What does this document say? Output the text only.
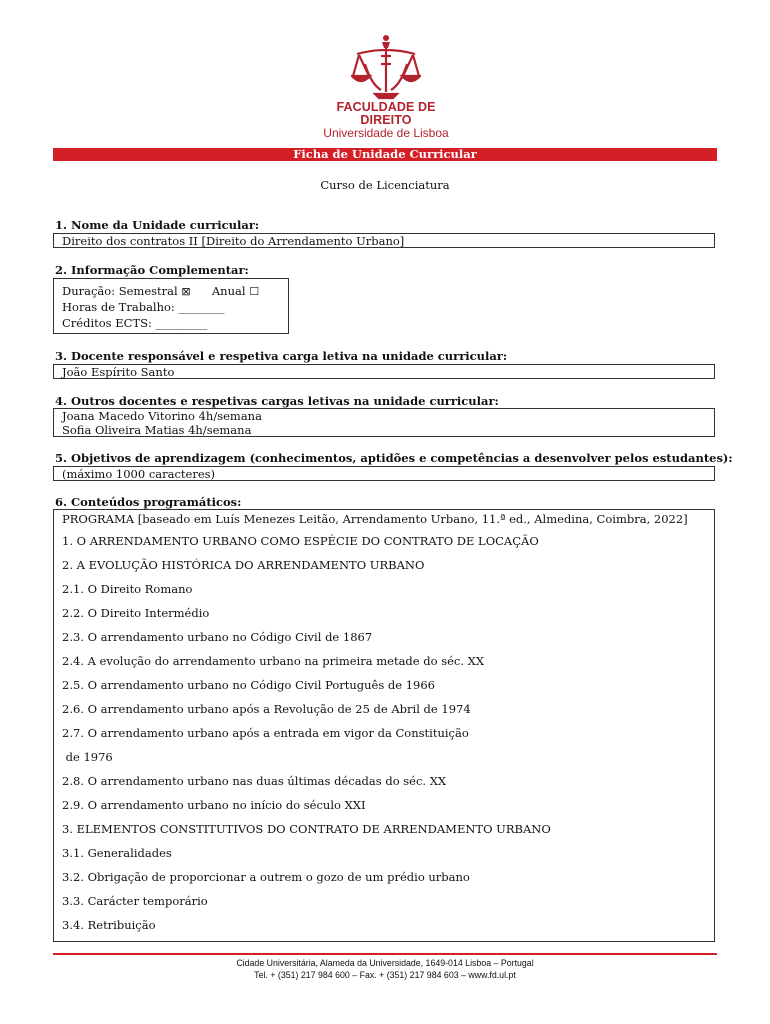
FACULDADE DE DIREITO
Universidade de Lisboa
Ficha de Unidade Curricular
Curso de Licenciatura
1. Nome da Unidade curricular:
Direito dos contratos II [Direito do Arrendamento Urbano]
2. Informação Complementar:
Duração: Semestral ⊠ Anual ☐
Horas de Trabalho: ________
Créditos ECTS: _________
3. Docente responsável e respetiva carga letiva na unidade curricular:
João Espírito Santo
4. Outros docentes e respetivas cargas letivas na unidade curricular:
Joana Macedo Vitorino 4h/semana
Sofia Oliveira Matias 4h/semana
5. Objetivos de aprendizagem (conhecimentos, aptidões e competências a desenvolver pelos estudantes):
(máximo 1000 caracteres)
6. Conteúdos programáticos:
PROGRAMA [baseado em Luís Menezes Leitão, Arrendamento Urbano, 11.ª ed., Almedina, Coimbra, 2022]
1. O ARRENDAMENTO URBANO COMO ESPÉCIE DO CONTRATO DE LOCAÇÃO
2. A EVOLUÇÃO HISTÓRICA DO ARRENDAMENTO URBANO
2.1. O Direito Romano
2.2. O Direito Intermédio
2.3. O arrendamento urbano no Código Civil de 1867
2.4. A evolução do arrendamento urbano na primeira metade do séc. XX
2.5. O arrendamento urbano no Código Civil Português de 1966
2.6. O arrendamento urbano após a Revolução de 25 de Abril de 1974
2.7. O arrendamento urbano após a entrada em vigor da Constituição
de 1976
2.8. O arrendamento urbano nas duas últimas décadas do séc. XX
2.9. O arrendamento urbano no início do século XXI
3. ELEMENTOS CONSTITUTIVOS DO CONTRATO DE ARRENDAMENTO URBANO
3.1. Generalidades
3.2. Obrigação de proporcionar a outrem o gozo de um prédio urbano
3.3. Carácter temporário
3.4. Retribuição
Cidade Universitária, Alameda da Universidade, 1649-014 Lisboa – Portugal
Tel. + (351) 217 984 600 – Fax. + (351) 217 984 603 – www.fd.ul.pt
